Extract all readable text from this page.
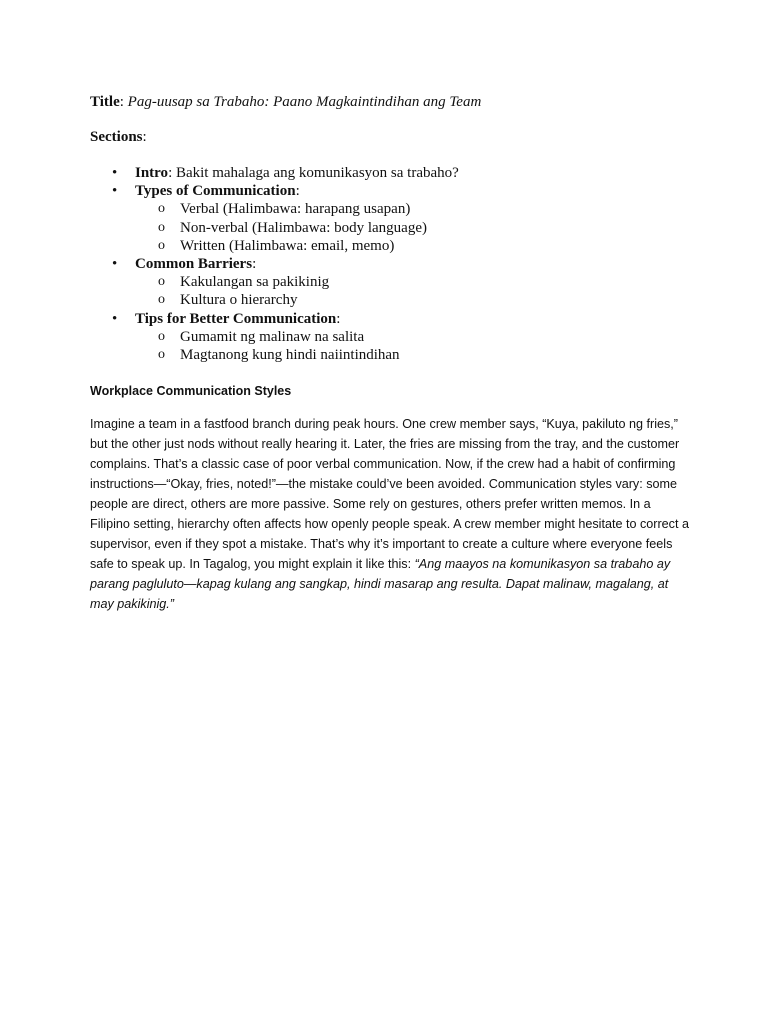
Title: Pag-uusap sa Trabaho: Paano Magkaintindihan ang Team
Sections:
• Intro: Bakit mahalaga ang komunikasyon sa trabaho?
• Types of Communication:
o Verbal (Halimbawa: harapang usapan)
o Non-verbal (Halimbawa: body language)
o Written (Halimbawa: email, memo)
• Common Barriers:
o Kakulangan sa pakikinig
o Kultura o hierarchy
• Tips for Better Communication:
o Gumamit ng malinaw na salita
o Magtanong kung hindi naiintindihan
Workplace Communication Styles
Imagine a team in a fastfood branch during peak hours. One crew member says, “Kuya, pakiluto ng fries,” but the other just nods without really hearing it. Later, the fries are missing from the tray, and the customer complains. That’s a classic case of poor verbal communication. Now, if the crew had a habit of confirming instructions—“Okay, fries, noted!”—the mistake could’ve been avoided. Communication styles vary: some people are direct, others are more passive. Some rely on gestures, others prefer written memos. In a Filipino setting, hierarchy often affects how openly people speak. A crew member might hesitate to correct a supervisor, even if they spot a mistake. That’s why it’s important to create a culture where everyone feels safe to speak up. In Tagalog, you might explain it like this: “Ang maayos na komunikasyon sa trabaho ay parang pagluluto—kapag kulang ang sangkap, hindi masarap ang resulta. Dapat malinaw, magalang, at may pakikinig.”
